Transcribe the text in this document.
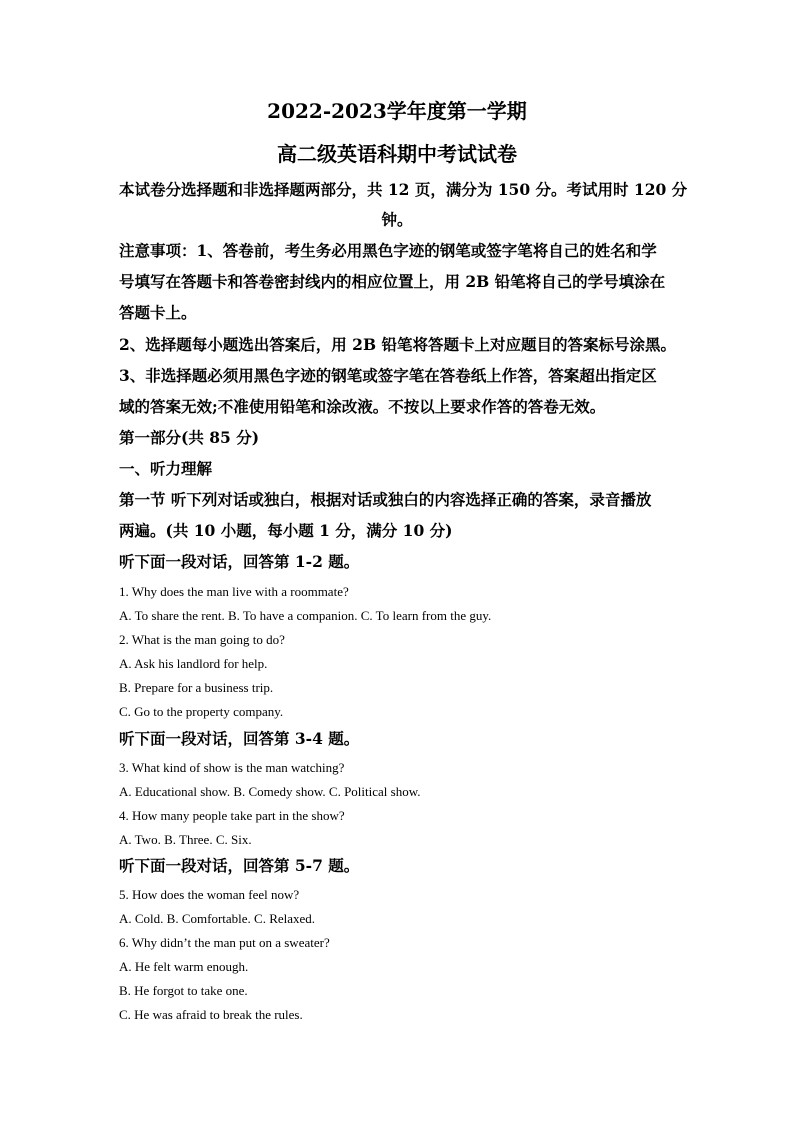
2022-2023学年度第一学期
高二级英语科期中考试试卷
本试卷分选择题和非选择题两部分，共 12 页，满分为 150 分。考试用时 120 分
钟。
注意事项：1、答卷前，考生务必用黑色字迹的钢笔或签字笔将自己的姓名和学
号填写在答题卡和答卷密封线内的相应位置上，用 2B 铅笔将自己的学号填涂在
答题卡上。
2、选择题每小题选出答案后，用 2B 铅笔将答题卡上对应题目的答案标号涂黑。
3、非选择题必须用黑色字迹的钢笔或签字笔在答卷纸上作答，答案超出指定区
域的答案无效;不准使用铅笔和涂改液。不按以上要求作答的答卷无效。
第一部分(共 85 分)
一、听力理解
第一节 听下列对话或独白，根据对话或独白的内容选择正确的答案，录音播放
两遍。(共 10 小题，每小题 1 分，满分 10 分)
听下面一段对话，回答第 1-2 题。
1. Why does the man live with a roommate?
A. To share the rent. B. To have a companion. C. To learn from the guy.
2. What is the man going to do?
A. Ask his landlord for help.
B. Prepare for a business trip.
C. Go to the property company.
听下面一段对话，回答第 3-4 题。
3. What kind of show is the man watching?
A. Educational show. B. Comedy show. C. Political show.
4. How many people take part in the show?
A. Two. B. Three. C. Six.
听下面一段对话，回答第 5-7 题。
5. How does the woman feel now?
A. Cold. B. Comfortable. C. Relaxed.
6. Why didn’t the man put on a sweater?
A. He felt warm enough.
B. He forgot to take one.
C. He was afraid to break the rules.
